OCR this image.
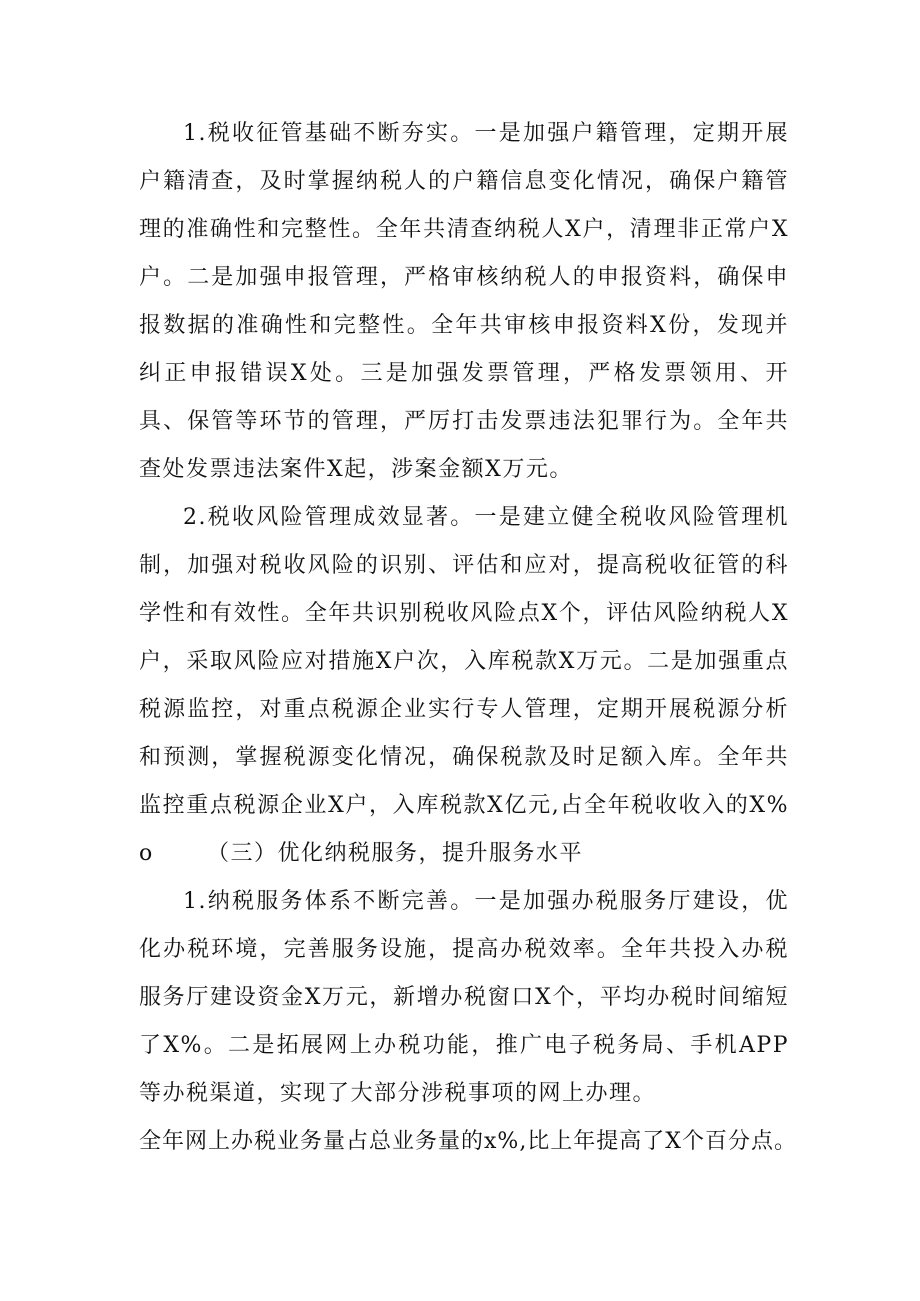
1.税收征管基础不断夯实。一是加强户籍管理，定期开展户籍清查，及时掌握纳税人的户籍信息变化情况，确保户籍管理的准确性和完整性。全年共清查纳税人X户，清理非正常户X户。二是加强申报管理，严格审核纳税人的申报资料，确保申报数据的准确性和完整性。全年共审核申报资料X份，发现并纠正申报错误X处。三是加强发票管理，严格发票领用、开具、保管等环节的管理，严厉打击发票违法犯罪行为。全年共查处发票违法案件X起，涉案金额X万元。

2.税收风险管理成效显著。一是建立健全税收风险管理机制，加强对税收风险的识别、评估和应对，提高税收征管的科学性和有效性。全年共识别税收风险点X个，评估风险纳税人X户，采取风险应对措施X户次，入库税款X万元。二是加强重点税源监控，对重点税源企业实行专人管理，定期开展税源分析和预测，掌握税源变化情况，确保税款及时足额入库。全年共监控重点税源企业X户，入库税款X亿元,占全年税收收入的X%o	（三）优化纳税服务，提升服务水平

1.纳税服务体系不断完善。一是加强办税服务厅建设，优化办税环境，完善服务设施，提高办税效率。全年共投入办税服务厅建设资金X万元，新增办税窗口X个，平均办税时间缩短了X%。二是拓展网上办税功能，推广电子税务局、手机APP等办税渠道，实现了大部分涉税事项的网上办理。

全年网上办税业务量占总业务量的x%,比上年提高了X个百分点。
